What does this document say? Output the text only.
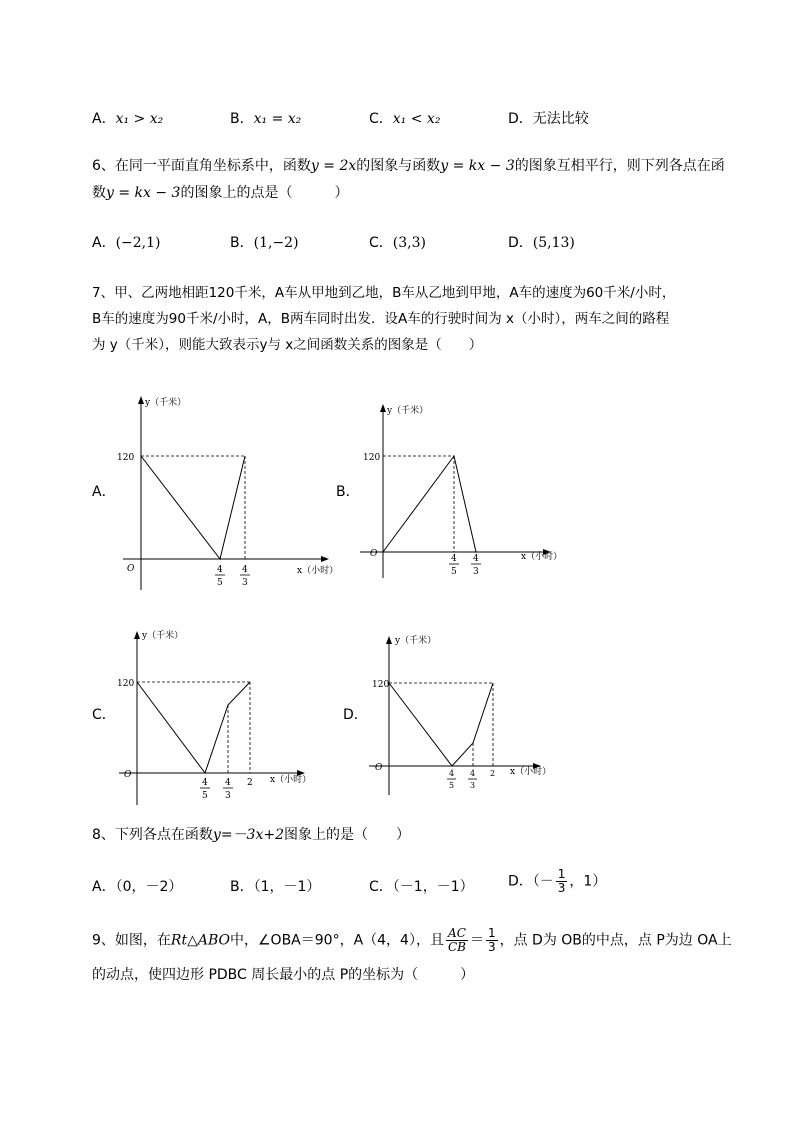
A．x₁ > x₂	B．x₁ = x₂	C．x₁ < x₂	D．无法比较
6、在同一平面直角坐标系中，函数y = 2x的图象与函数y = kx − 3的图象互相平行，则下列各点在函
数y = kx − 3的图象上的点是（　　　）
A．(−2,1)	B．(1,−2)	C．(3,3)	D．(5,13)
7、甲、乙两地相距120千米，A车从甲地到乙地，B车从乙地到甲地，A车的速度为60千米/小时，
B车的速度为90千米/小时，A，B两车同时出发．设A车的行驶时间为 x（小时），两车之间的路程
为 y（千米），则能大致表示y与 x之间函数关系的图象是（　　）
A．
y（千米）
120
O	x（小时）
4
5
4
3
B．
y（千米）
120
O	x（小时）
4
5
4
3
C．
y（千米）
120
O	x（小时）
4
5
4
3
2
D．
y（千米）
120
O	x（小时）
4
5
4
3
2
8、下列各点在函数y=－3x+2图象上的是（　　）
A．（0，－2）	B．（1，－1）	C．（－1，－1） D．（－ $\frac{1}{3}$ ，1）
9、如图，在Rt△ABO中，∠OBA＝90°，A（4，4），且 $\frac{AC}{CB} = \frac{1}{3}$ ，点 D为 OB的中点，点 P为边 OA上
的动点，使四边形 PDBC 周长最小的点 P的坐标为（　　　）
